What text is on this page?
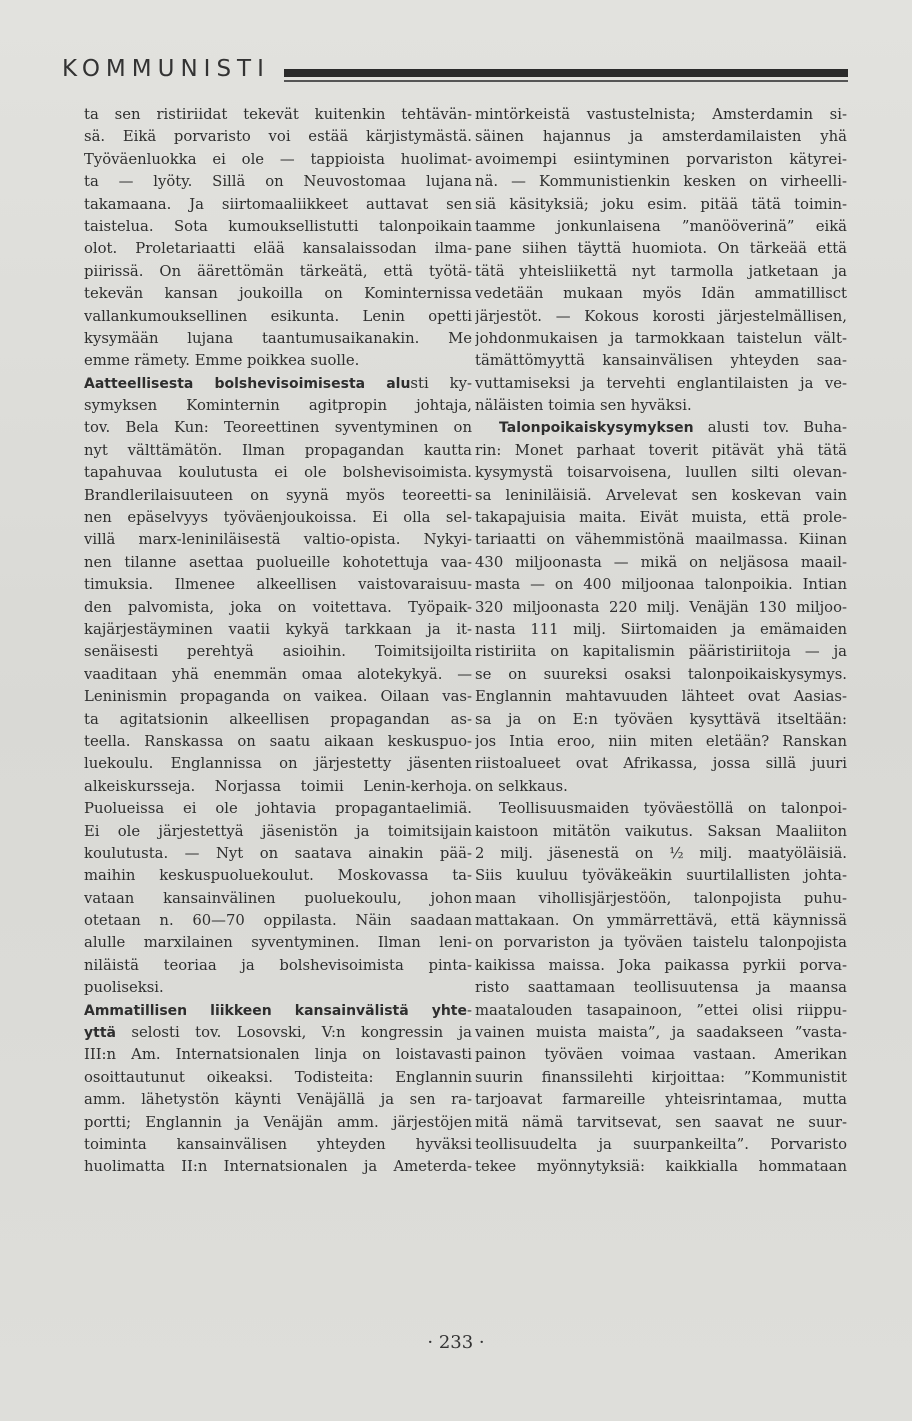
KOMMUNISTI
ta sen ristiriidat tekevät kuitenkin tehtävän-
sä. Eikä porvaristo voi estää kärjistymästä.
Työväenluokka ei ole — tappioista huolimat-
ta — lyöty. Sillä on Neuvostomaa lujana
takamaana. Ja siirtomaaliikkeet auttavat sen
taistelua. Sota kumouksellistutti talonpoikain
olot. Proletariaatti elää kansalaissodan ilma-
piirissä. On äärettömän tärkeätä, että työtä-
tekevän kansan joukoilla on Kominternissa
vallankumouksellinen esikunta. Lenin opetti
kysymään lujana taantumusaikanakin. Me
emme rämety. Emme poikkea suolle.
Aatteellisesta bolshevisoimisesta alusti ky-
symyksen Kominternin agitpropin johtaja,
tov. Bela Kun: Teoreettinen syventyminen on
nyt välttämätön. Ilman propagandan kautta
tapahuvaa koulutusta ei ole bolshevisoimista.
Brandlerilaisuuteen on syynä myös teoreetti-
nen epäselvyys työväenjoukoissa. Ei olla sel-
villä marx-leniniläisestä valtio-opista. Nykyi-
nen tilanne asettaa puolueille kohotettuja vaa-
timuksia. Ilmenee alkeellisen vaistovaraisuu-
den palvomista, joka on voitettava. Työpaik-
kajärjestäyminen vaatii kykyä tarkkaan ja it-
senäisesti perehtyä asioihin. Toimitsijoilta
vaaditaan yhä enemmän omaa alotekykyä. —
Leninismin propaganda on vaikea. Oilaan vas-
ta agitatsionin alkeellisen propagandan as-
teella. Ranskassa on saatu aikaan keskuspuo-
luekoulu. Englannissa on järjestetty jäsenten
alkeiskursseja. Norjassa toimii Lenin-kerhoja.
Puolueissa ei ole johtavia propagantaelimiä.
Ei ole järjestettyä jäsenistön ja toimitsijain
koulutusta. — Nyt on saatava ainakin pää-
maihin keskuspuoluekoulut. Moskovassa ta-
vataan kansainvälinen puoluekoulu, johon
otetaan n. 60—70 oppilasta. Näin saadaan
alulle marxilainen syventyminen. Ilman leni-
niläistä teoriaa ja bolshevisoimista pinta-
puoliseksi.
Ammatillisen liikkeen kansainvälistä yhte-
yttä selosti tov. Losovski, V:n kongressin ja
III:n Am. Internatsionalen linja on loistavasti
osoittautunut oikeaksi. Todisteita: Englannin
amm. lähetystön käynti Venäjällä ja sen ra-
portti; Englannin ja Venäjän amm. järjestöjen
toiminta kansainvälisen yhteyden hyväksi
huolimatta II:n Internatsionalen ja Ameterda-
mintörkeistä vastustelnista; Amsterdamin si-
säinen hajannus ja amsterdamilaisten yhä
avoimempi esiintyminen porvariston kätyrei-
nä. — Kommunistienkin kesken on virheelli-
siä käsityksiä; joku esim. pitää tätä toimin-
taamme jonkunlaisena ”manööverinä” eikä
pane siihen täyttä huomiota. On tärkeää että
tätä yhteisliikettä nyt tarmolla jatketaan ja
vedetään mukaan myös Idän ammatillisct
järjestöt. — Kokous korosti järjestelmällisen,
johdonmukaisen ja tarmokkaan taistelun vält-
tämättömyyttä kansainvälisen yhteyden saa-
vuttamiseksi ja tervehti englantilaisten ja ve-
näläisten toimia sen hyväksi.
Talonpoikaiskysymyksen alusti tov. Buha-
rin: Monet parhaat toverit pitävät yhä tätä
kysymystä toisarvoisena, luullen silti olevan-
sa leniniläisiä. Arvelevat sen koskevan vain
takapajuisia maita. Eivät muista, että prole-
tariaatti on vähemmistönä maailmassa. Kiinan
430 miljoonasta — mikä on neljäsosa maail-
masta — on 400 miljoonaa talonpoikia. Intian
320 miljoonasta 220 milj. Venäjän 130 miljoo-
nasta 111 milj. Siirtomaiden ja emämaiden
ristiriita on kapitalismin pääristiriitoja — ja
se on suureksi osaksi talonpoikaiskysymys.
Englannin mahtavuuden lähteet ovat Aasias-
sa ja on E:n työväen kysyttävä itseltään:
jos Intia eroo, niin miten eletään? Ranskan
riistoalueet ovat Afrikassa, jossa sillä juuri
on selkkaus.
Teollisuusmaiden työväestöllä on talonpoi-
kaistoon mitätön vaikutus. Saksan Maaliiton
2 milj. jäsenestä on ½ milj. maatyöläisiä.
Siis kuuluu työväkeäkin suurtilallisten johta-
maan vihollisjärjestöön, talonpojista puhu-
mattakaan. On ymmärrettävä, että käynnissä
on porvariston ja työväen taistelu talonpojista
kaikissa maissa. Joka paikassa pyrkii porva-
risto saattamaan teollisuutensa ja maansa
maatalouden tasapainoon, ”ettei olisi riippu-
vainen muista maista”, ja saadakseen ”vasta-
painon työväen voimaa vastaan. Amerikan
suurin finanssilehti kirjoittaa: ”Kommunistit
tarjoavat farmareille yhteisrintamaa, mutta
mitä nämä tarvitsevat, sen saavat ne suur-
teollisuudelta ja suurpankeilta”. Porvaristo
tekee myönnytyksiä: kaikkialla hommataan
· 233 ·
